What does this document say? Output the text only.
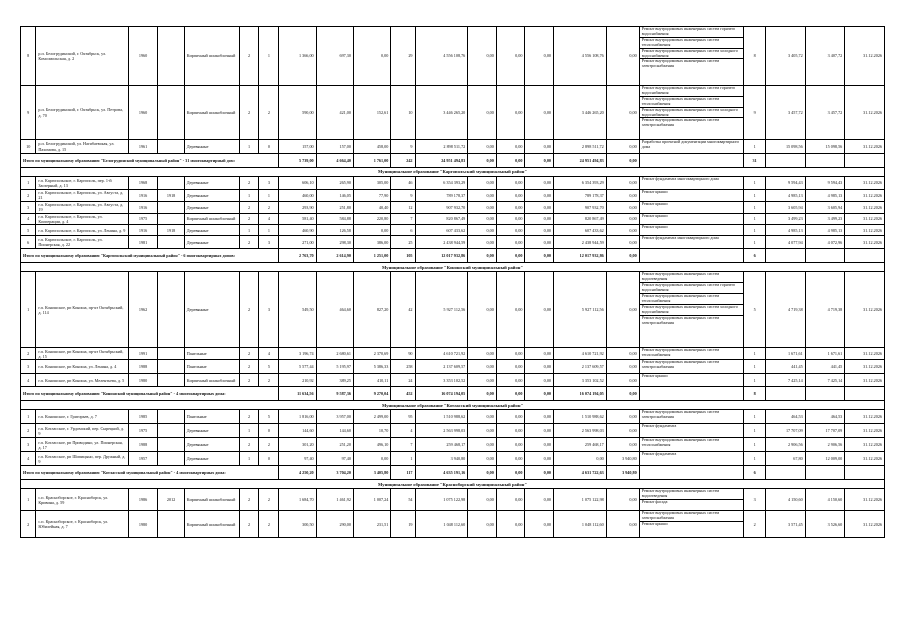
8	р.п. Белогрудинский, г. Октябрьск, ул. Комсомольская, д. 2	1960		Кирпичный шлакоблочный	2	1	1 366,00	697,30	0,00	29	4 556 108,76	0,00	0,00	0,00	4 556 108,76	0,00	Ремонт внутридомовых инженерных систем горячего водоснабжения
Ремонт внутридомовых инженерных систем теплоснабжения
Ремонт внутридомовых инженерных систем холодного водоснабжения
Ремонт внутридомовых инженерных систем электроснабжения	8	3 405,72	3 407,72	31.12.2026
9	р.п. Белогрудинский, г. Октябрьск, ул. Петрова, д. 70	1960		Кирпичный шлакоблочный	2	2	590,00	421,00	152,61	10	3 446 265,20	0,00	0,00	0,00	3 446 265,20	0,00	Ремонт внутридомовых инженерных систем горячего водоснабжения
Ремонт внутридомовых инженерных систем теплоснабжения
Ремонт внутридомовых инженерных систем холодного водоснабжения
Ремонт внутридомовых инженерных систем электроснабжения	9	3 457,72	3 457,72	31.12.2026
10	р.п. Белогрудинский, ул. Нагибаевская, ул. Пахомова, д. 15	1961		Деревянные	1	0	157,00	157,00	458,00	9	2 898 511,72	0,00	0,00	0,00	2 898 511,72	0,00	Разработка проектной документации многоквартирного дома	1	15 098,56	15 098,56	31.12.2026
Итого по муниципальному образованию "Белогрудинский муниципальный район" - 31 многоквартирный дом:							5 739,00	4 664,40	1 761,00	242	24 951 494,83	0,00	0,00	0,00	24 951 494,83	0,00		31			
Муниципальное образование "Каргопольский муниципальный район"																					
1	г.п. Каргопольское, г. Каргополь, пер. 1-й Заозерный, д. 13	1968		Деревянные	2	3	606,10	265,90	305,00	46	6 354 393,29	0,00	0,00	0,00	6 354 393,29	0,00	Ремонт фундамента многоквартирного дома	1	9 594,43	9 594,43	31.12.2026
2	г.п. Каргопольское, г. Каргополь, ул. Августа, д. 21	1916	1918	Деревянные	1	1	460,00	146,05	77,90	9	789 178,37	0,00	0,00	0,00	789 178,37	0,00	Ремонт крыши	1	4 985,13	4 985,13	31.12.2026
3	г.п. Каргопольское, г. Каргополь, ул. Августа, д. 19	1916		Деревянные	2	2	293,90	251,80	40,40	12	907 932,70	0,00	0,00	0,00	907 932,70	0,00	Ремонт крыши	1	3 605,94	3 605,94	31.12.2026
4	г.п. Каргопольское, г. Каргополь, ул. Кооперации, д. 4	1975		Кирпичный шлакоблочный	2	4	581,40	584,88	220,80	7	820 867,49	0,00	0,00	0,00	820 867,49	0,00	Ремонт крыши	1	3 499,23	3 499,23	31.12.2026
5	г.п. Каргопольское, г. Каргополь, ул. Ленина, д. 9	1916	1918	Деревянные	1	1	460,90	126,58	0,00	6	607 433,62	0,00	0,00	0,00	607 433,62	0,00	Ремонт крыши	1	4 985,13	4 985,13	31.12.2026
6	г.п. Каргопольское, г. Каргополь, ул. Пионерская, д. 22	1981		Деревянные	2	3	271,00	298,30	386,00	25	2 438 944,59	0,00	0,00	0,00	2 438 944,59	0,00	Ремонт фундамента многоквартирного дома	1	4 077,94	4 072,96	31.12.2026
Итого по муниципальному образованию "Каргопольский муниципальный район" - 6 многоквартирных домов:							2 763,70	2 614,90	1 251,00	105	12 017 932,86	0,00	0,00	0,00	12 017 932,86	0,00		6			
Муниципальное образование "Коношский муниципальный район"																					
1	г.п. Коношское, рп Коноша, пр-кт Октябрьский, д. 114	1962		Деревянные	2	3	549,50	464,60	827,20	42	5 927 112,56	0,00	0,00	0,00	5 927 112,56	0,00	Ремонт внутридомовых инженерных систем водоотведения
Ремонт внутридомовых инженерных систем горячего водоснабжения
Ремонт внутридомовых инженерных систем теплоснабжения
Ремонт внутридомовых инженерных систем холодного водоснабжения
Ремонт внутридомовых инженерных систем электроснабжения	5	4 719,38	4 719,38	31.12.2026
2	г.п. Коношское, рп Коноша, пр-кт Октябрьский, д. 15	1991		Панельные	2	4	3 196,74	2 680,61	2 370,69	90	4 610 721,92	0,00	0,00	0,00	4 610 721,92	0,00	Ремонт внутридомовых инженерных систем теплоснабжения	1	1 671,61	1 671,61	31.12.2026
3	г.п. Коношское, рп Коноша, ул. Ленина, д. 4	1988		Панельные	2	5	5 577,44	5 195,97	5 386,33	258	2 137 609,57	0,00	0,00	0,00	2 137 609,57	0,00	Ремонт внутридомовых инженерных систем электроснабжения	1	441,45	441,45	31.12.2026
4	г.п. Коношское, рп Коноша, ул. Мелентьева, д. 5	1980		Кирпичный шлакоблочный	2	2	210,92	389,25	410,11	24	3 353 102,52	0,00	0,00	0,00	3 353 102,52	0,00	Ремонт крыши	1	7 425,14	7 425,14	31.12.2026
Итого по муниципальному образованию "Коношский муниципальный район" - 4 многоквартирных дома:							11 634,56	9 587,36	9 270,04	452	16 074 194,05	0,00	0,00	0,00	16 074 194,05	0,00		8			
Муниципальное образование "Котласский муниципальный район"																					
1	г.п. Коношское, г. Григорьев, д. 7	1985		Панельные	2	5	1 816,00	3 957,00	2 499,00	95	1 510 988,62	0,00	0,00	0,00	1 510 988,62	0,00	Ремонт внутридомовых инженерных систем электроснабжения	1	464,53	464,53	31.12.2026
2	г.п. Котласское, г. Урдомский, пер. Сырецкий, д. 9	1975		Деревянные	1	0	144,60	144,60	10,70	4	2 563 998,03	0,00	0,00	0,00	2 563 998,03	0,00	Ремонт фундамента	1	17 707,09	17 707,09	31.12.2026
3	г.п. Котласское, рп Приводино, ул. Пионерская, д. 17	1988		Деревянные	2	2	301,20	251,20	496,10	7	259 468,17	0,00	0,00	0,00	259 468,17	0,00	Ремонт внутридомовых инженерных систем теплоснабжения	1	2 906,56	2 906,56	31.12.2026
4	г.п. Котласское, рп Шипицыно, пер. Дружный, д. 9	1957		Деревянные	1	0	97,40	97,40	0,00	1	3 940,80	0,00	0,00	0,00	0,00	3 940,80	Ремонт фундамента	1	67,80	12 009,00	31.12.2026
Итого по муниципальному образованию "Котласский муниципальный район" - 4 многоквартирных дома:							4 250,20	3 704,20	3 405,80	117	4 635 191,16	0,00	0,00	0,00	4 631 722,63	3 940,80		6			
Муниципальное образование "Красноборский муниципальный район"																					
1	с.п. Красноборское, г. Красноборск, ул. Кривина, д. 59	1986	2012	Кирпичный шлакоблочный	2	2	1 684,70	1 461,92	1 007,24	54	1 075 122,98	0,00	0,00	0,00	1 075 122,98	0,00	Ремонт внутридомовых инженерных систем водоотведения
Ремонт фасада	3	4 150,60	4 150,60	31.12.2026
2	с.п. Красноборское, г. Красноборск, ул. Юбилейная, д. 7	1980		Кирпичный шлакоблочный	2	2	300,50	290,00	231,51	19	1 048 112,60	0,00	0,00	0,00	1 048 112,60	0,00	Ремонт внутридомовых инженерных систем электроснабжения
Ремонт крыши	2	3 571,45	3 526,60	31.12.2026
